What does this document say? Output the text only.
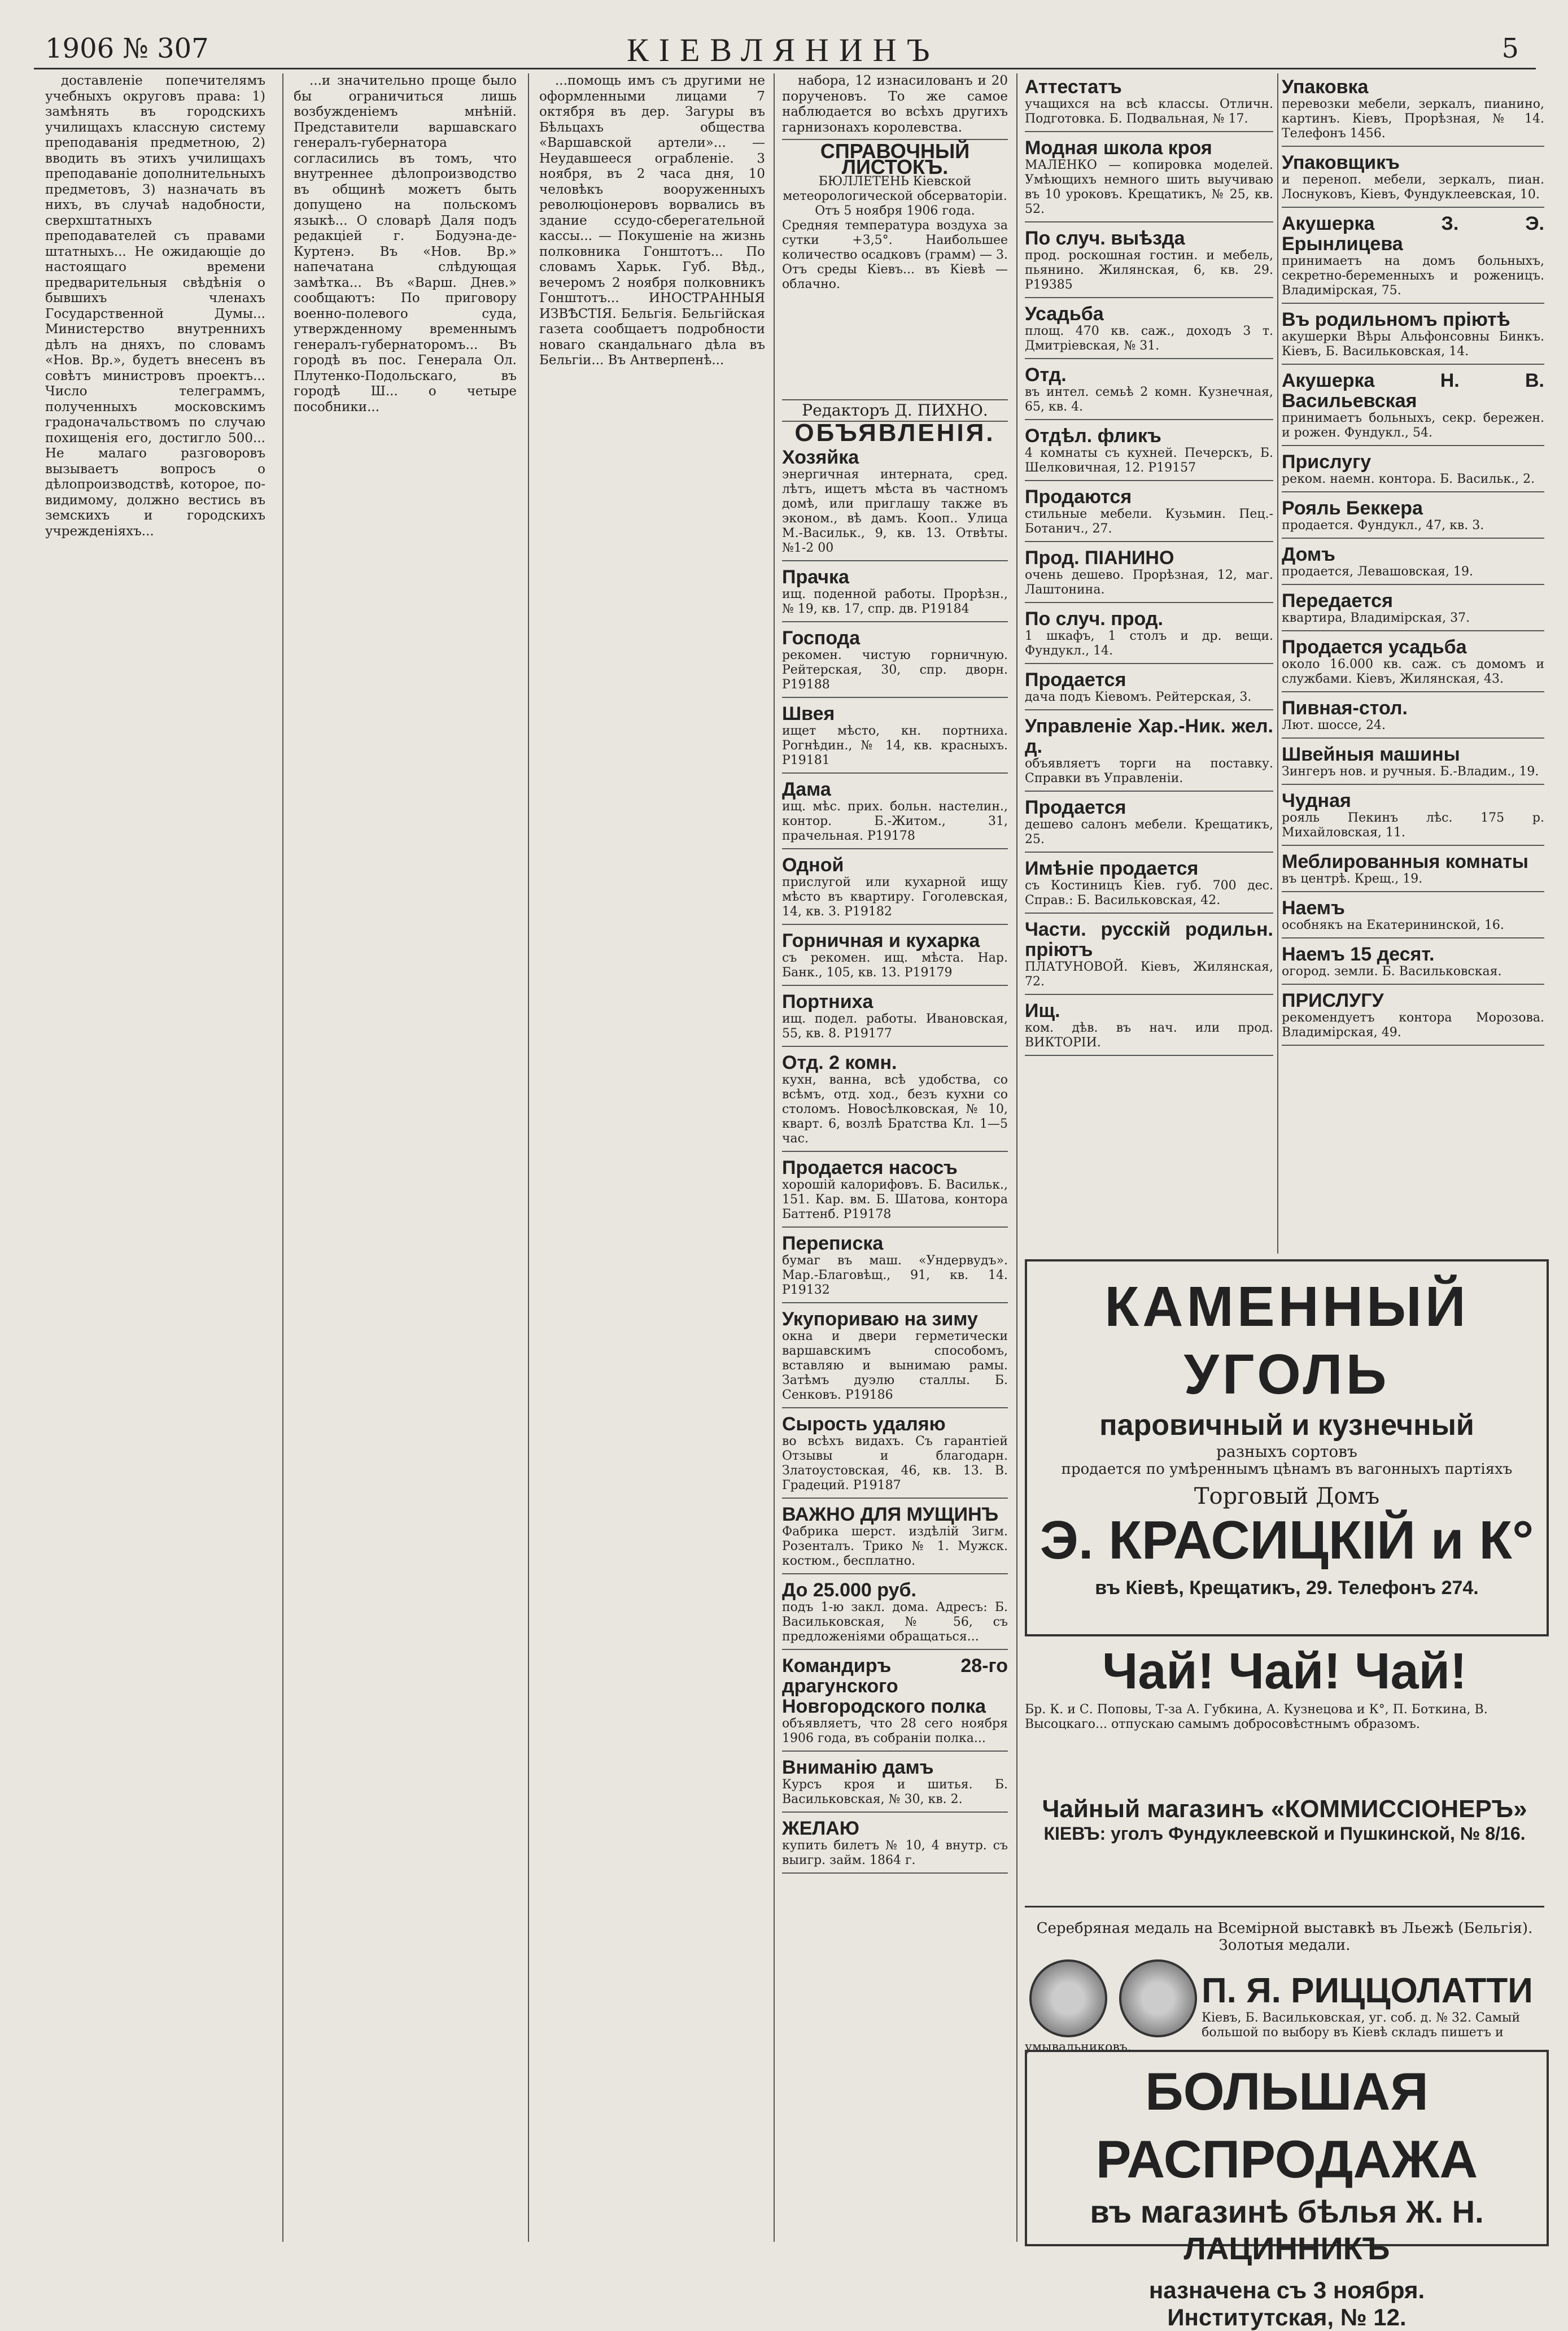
1906 № 307	КІЕВЛЯНИНЪ	5

доставленіе попечителямъ учебныхъ округовъ права: 1) замѣнять въ городскихъ училищахъ классную систему преподаванія предметною, 2) вводить въ этихъ училищахъ преподаваніе дополнительныхъ предметовъ, 3) назначать въ нихъ, въ случаѣ надобности, сверхштатныхъ преподавателей съ правами штатныхъ... Не ожидающіе до настоящаго времени предварительныя свѣдѣнія о бывшихъ членахъ Государственной Думы... Министерство внутреннихъ дѣлъ на дняхъ, по словамъ «Нов. Вр.», будетъ внесенъ въ совѣтъ министровъ проектъ... Число телеграммъ, полученныхъ московскимъ градоначальствомъ по случаю похищенія его, достигло 500... Не малаго разговоровъ вызываетъ вопросъ о дѣлопроизводствѣ, которое, по-видимому, должно вестись въ земскихъ и городскихъ учрежденіяхъ...

...и значительно проще было бы ограничиться лишь возбужденіемъ мнѣній. Представители варшавскаго генералъ-губернатора согласились въ томъ, что внутреннее дѣлопроизводство въ общинѣ можетъ быть допущено на польскомъ языкѣ... О словарѣ Даля подъ редакціей г. Бодуэна-де-Куртенэ. Въ «Нов. Вр.» напечатана слѣдующая замѣтка... Въ «Варш. Днев.» сообщаютъ: По приговору военно-полевого суда, утвержденному временнымъ генералъ-губернаторомъ... Въ городѣ въ пос. Генерала Ол. Плутенко-Подольскаго, въ городѣ Ш... о четыре пособники...

...помощь имъ съ другими не оформленными лицами 7 октября въ дер. Загуры въ Бѣльцахъ общества «Варшавской артели»... — Неудавшееся ограбленіе. 3 ноября, въ 2 часа дня, 10 человѣкъ вооруженныхъ революціонеровъ ворвались въ здание ссудо-сберегательной кассы... — Покушеніе на жизнь полковника Гонштотъ... По словамъ Харьк. Губ. Вѣд., вечеромъ 2 ноября полковникъ Гонштотъ... ИНОСТРАННЫЯ ИЗВѢСТІЯ. Бельгія. Бельгійская газета сообщаетъ подробности новаго скандальнаго дѣла въ Бельгіи... Въ Антверпенѣ...

набора, 12 изнасилованъ и 20 порученовъ. То же самое наблюдается во всѣхъ другихъ гарнизонахъ королевства.

СПРАВОЧНЫЙ ЛИСТОКЪ.
БЮЛЛЕТЕНЬ Кіевской метеорологической обсерваторіи. Отъ 5 ноября 1906 года.
Средняя температура воздуха за сутки +3,5°. Наибольшее количество осадковъ (грамм) — 3. Отъ среды Кіевъ... въ Кіевѣ — облачно.
Редакторъ Д. ПИХНО.
ОБЪЯВЛЕНІЯ.
Хозяйка
энергичная интерната, сред. лѣтъ, ищетъ мѣста въ частномъ домѣ, или приглашу также въ эконом., вѣ дамъ. Кооп.. Улица М.-Васильк., 9, кв. 13. Отвѣты. №1-2 00
Прачка
ищ. поденной работы. Прорѣзн., № 19, кв. 17, спр. дв. Р19184
Господа
рекомен. чистую горничную. Рейтерская, 30, спр. дворн. Р19188
Швея
ищет мѣсто, кн. портниха. Рогнѣдин., № 14, кв. красныхъ. Р19181
Дама
ищ. мѣс. прих. больн. настелин., контор. Б.-Житом., 31, прачельная. Р19178
Одной
прислугой или кухарной ищу мѣсто въ квартиру. Гоголевская, 14, кв. 3. Р19182
Горничная и кухарка
съ рекомен. ищ. мѣста. Нар. Банк., 105, кв. 13. Р19179
Портниха
ищ. подел. работы. Ивановская, 55, кв. 8. Р19177
Отд. 2 комн.
кухн, ванна, всѣ удобства, со всѣмъ, отд. ход., безъ кухни со столомъ. Новосѣлковская, № 10, кварт. 6, возлѣ Братства Кл. 1—5 час.
Продается насосъ
хорошій калорифовъ. Б. Васильк., 151. Кар. вм. Б. Шатова, контора Баттенб. Р19178
Переписка
бумаг въ маш. «Ундервудъ». Мар.-Благовѣщ., 91, кв. 14. Р19132
Укупориваю на зиму
окна и двери герметически варшавскимъ способомъ, вставляю и вынимаю рамы. Затѣмъ дуэлю сталлы. Б. Сенковъ. Р19186
Сырость удаляю
во всѣхъ видахъ. Съ гарантіей Отзывы и благодарн. Златоустовская, 46, кв. 13. В. Градеций. Р19187
ВАЖНО ДЛЯ МУЩИНЪ
Фабрика шерст. издѣлій Зигм. Розенталъ. Трико № 1. Мужск. костюм., бесплатно.
До 25.000 руб.
подъ 1-ю закл. дома. Адресъ: Б. Васильковская, № 56, съ предложеніями обращаться...
Командиръ 28-го драгунского Новгородского полка
объявляетъ, что 28 сего ноября 1906 года, въ собраніи полка...
Вниманію дамъ
Курсъ кроя и шитья. Б. Васильковская, № 30, кв. 2.
ЖЕЛАЮ
купить билетъ № 10, 4 внутр. съ выигр. займ. 1864 г.
Аттестатъ
учащихся на всѣ классы. Отличн. Подготовка. Б. Подвальная, № 17.
Модная школа кроя
МАЛЕНКО — копировка моделей. Умѣющихъ немного шить выучиваю въ 10 уроковъ. Крещатикъ, № 25, кв. 52.
По случ. выѣзда
прод. роскошная гостин. и мебель, пьянино. Жилянская, 6, кв. 29. Р19385
Усадьба
площ. 470 кв. саж., доходъ 3 т. Дмитріевская, № 31.
Отд.
въ интел. семьѣ 2 комн. Кузнечная, 65, кв. 4.
Отдѣл. фликъ
4 комнаты съ кухней. Печерскъ, Б. Шелковичная, 12. Р19157
Продаются
стильные мебели. Кузьмин. Пец.-Ботанич., 27.
Прод. ПІАНИНО
очень дешево. Прорѣзная, 12, маг. Лаштонина.
По случ. прод.
1 шкафъ, 1 столъ и др. вещи. Фундукл., 14.
Продается
дача подъ Кіевомъ. Рейтерская, 3.
Управленіе Хар.-Ник. жел. д.
объявляетъ торги на поставку. Справки въ Управленіи.
Продается
дешево салонъ мебели. Крещатикъ, 25.
Имѣніе продается
съ Костиницъ Кіев. губ. 700 дес. Справ.: Б. Васильковская, 42.
Части. русскій родильн. пріютъ
ПЛАТУНОВОЙ. Кіевъ, Жилянская, 72.
Ищ.
ком. дѣв. въ нач. или прод. ВИКТОРІИ.
Упаковка
перевозки мебели, зеркалъ, пианино, картинъ. Кіевъ, Прорѣзная, № 14. Телефонъ 1456.
Упаковщикъ
и переноп. мебели, зеркалъ, пиан. Лоснуковъ, Кіевъ, Фундуклеевская, 10.
Акушерка З. Э. Ерынлицева
принимаетъ на домъ больныхъ, секретно-беременныхъ и роженицъ. Владимірская, 75.
Въ родильномъ пріютѣ
акушерки Вѣры Альфонсовны Бинкъ. Кіевъ, Б. Васильковская, 14.
Акушерка Н. В. Васильевская
принимаетъ больныхъ, секр. бережен. и рожен. Фундукл., 54.
Прислугу
реком. наемн. контора. Б. Васильк., 2.
Рояль Беккера
продается. Фундукл., 47, кв. 3.
Домъ
продается, Левашовская, 19.
Передается
квартира, Владимірская, 37.
Продается усадьба
около 16.000 кв. саж. съ домомъ и службами. Кіевъ, Жилянская, 43.
Пивная-стол.
Лют. шоссе, 24.
Швейныя машины
Зингеръ нов. и ручныя. Б.-Владим., 19.
Чудная
рояль Пекинъ лѣс. 175 р. Михайловская, 11.
Меблированныя комнаты
въ центрѣ. Крещ., 19.
Наемъ
особнякъ на Екатерининской, 16.
Наемъ 15 десят.
огород. земли. Б. Васильковская.
ПРИСЛУГУ
рекомендуетъ контора Морозова. Владимірская, 49.
КАМЕННЫЙ УГОЛЬ
паровичный и кузнечный
разныхъ сортовъ
продается по умѣреннымъ цѣнамъ въ вагонныхъ партіяхъ
Торговый Домъ
Э. КРАСИЦКІЙ и К°
въ Кіевѣ, Крещатикъ, 29. Телефонъ 274.
Чай! Чай! Чай!
Бр. К. и С. Поповы, Т-за А. Губкина, А. Кузнецова и К°, П. Боткина, В. Высоцкаго... отпускаю самымъ добросовѣстнымъ образомъ.
Чайный магазинъ «КОММИССІОНЕРЪ»
КІЕВЪ: уголъ Фундуклеевской и Пушкинской, № 8/16.
Серебряная медаль на Всемірной выставкѣ въ Льежѣ (Бельгія). Золотыя медали.

П. Я. РИЦЦОЛАТТИ
Кіевъ, Б. Васильковская, уг. соб. д. № 32. Самый большой по выбору въ Кіевѣ складъ пишетъ и умывальниковъ.
БОЛЬШАЯ РАСПРОДАЖА
въ магазинѣ бѣлья Ж. Н. ЛАЦИННИКЪ
назначена съ 3 ноября.
Институтская, № 12.
